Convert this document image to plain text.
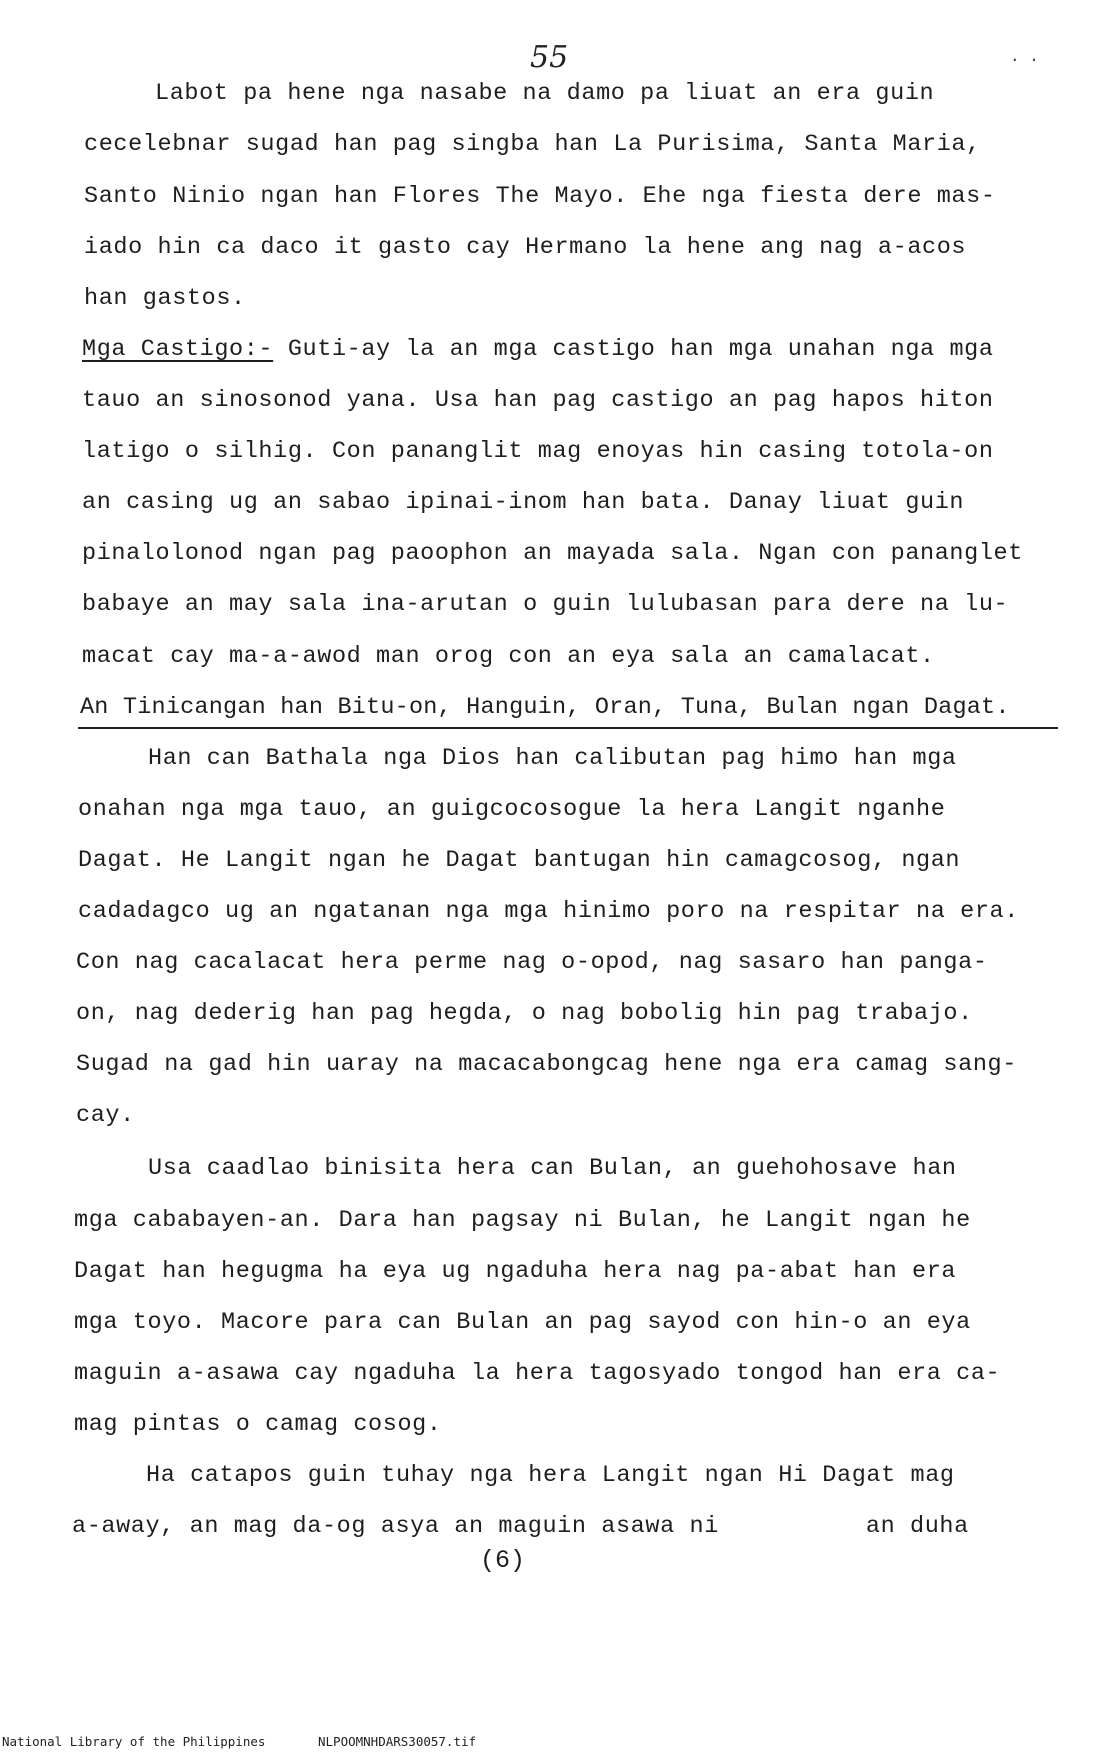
55	. .
Labot pa hene nga nasabe na damo pa liuat an era guin
cecelebnar sugad han pag singba han La Purisima, Santa Maria,
Santo Ninio ngan han Flores The Mayo. Ehe nga fiesta dere mas-
iado hin ca daco it gasto cay Hermano la hene ang nag a-acos
han gastos.
Mga Castigo:- Guti-ay la an mga castigo han mga unahan nga mga
tauo an sinosonod yana. Usa han pag castigo an pag hapos hiton
latigo o silhig. Con pananglit mag enoyas hin casing totola-on
an casing ug an sabao ipinai-inom han bata. Danay liuat guin
pinalolonod ngan pag paoophon an mayada sala. Ngan con pananglet
babaye an may sala ina-arutan o guin lulubasan para dere na lu-
macat cay ma-a-awod man orog con an eya sala an camalacat.
An Tinicangan han Bitu-on, Hanguin, Oran, Tuna, Bulan ngan Dagat.
Han can Bathala nga Dios han calibutan pag himo han mga
onahan nga mga tauo, an guigcocosogue la hera Langit nganhe
Dagat. He Langit ngan he Dagat bantugan hin camagcosog, ngan
cadadagco ug an ngatanan nga mga hinimo poro na respitar na era.
Con nag cacalacat hera perme nag o-opod, nag sasaro han panga-
on, nag dederig han pag hegda, o nag bobolig hin pag trabajo.
Sugad na gad hin uaray na macacabongcag hene nga era camag sang-
cay.
Usa caadlao binisita hera can Bulan, an guehohosave han
mga cababayen-an. Dara han pagsay ni Bulan, he Langit ngan he
Dagat han hegugma ha eya ug ngaduha hera nag pa-abat han era
mga toyo. Macore para can Bulan an pag sayod con hin-o an eya
maguin a-asawa cay ngaduha la hera tagosyado tongod han era ca-
mag pintas o camag cosog.
Ha catapos guin tuhay nga hera Langit ngan Hi Dagat mag
a-away, an mag da-og asya an maguin asawa ni          an duha
(6)
National Library of the Philippines	NLPOOMNHDARS30057.tif
